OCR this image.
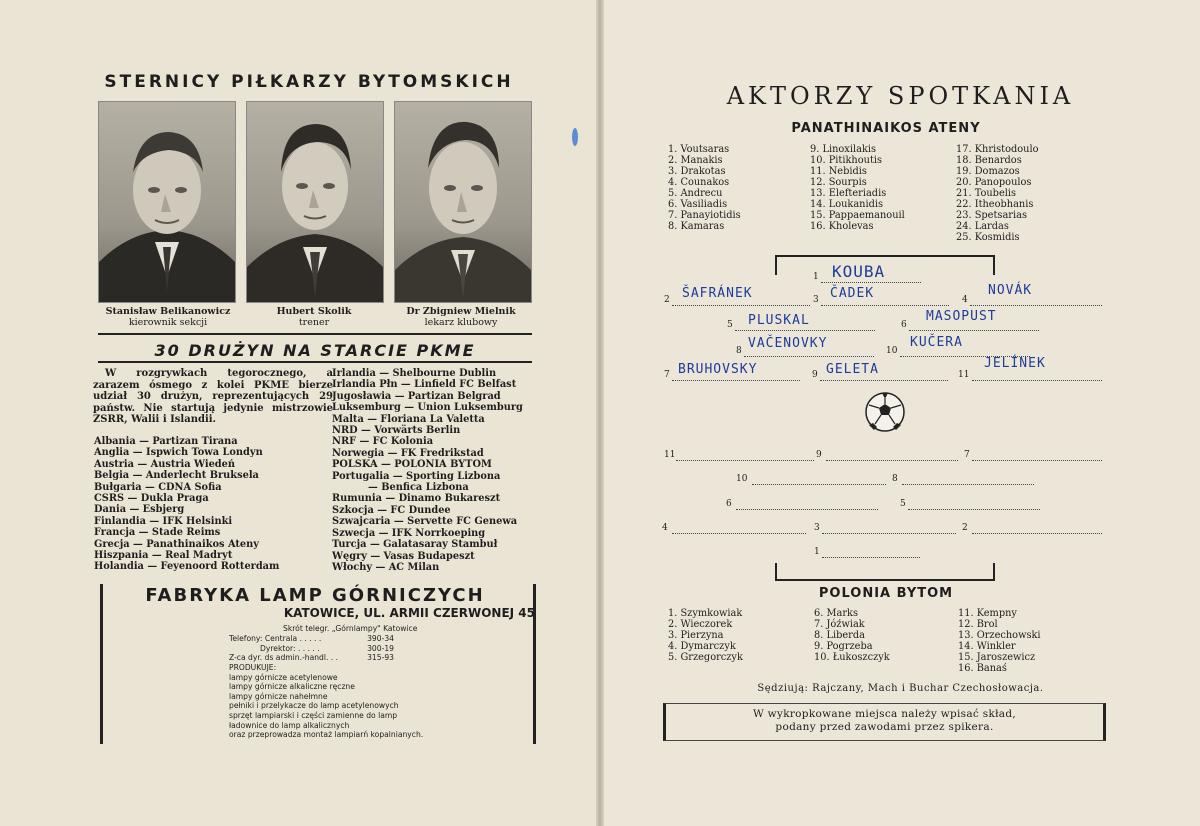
STERNICY PIŁKARZY BYTOMSKICH
Stanisław Belikanowicz
kierownik sekcji
Hubert Skolik
trener
Dr Zbigniew Mielnik
lekarz klubowy
30 DRUŻYN NA STARCIE PKME
W rozgrywkach tegorocznego, a zarazem ósmego z kolei PKME bierze udział 30 drużyn, reprezentujących 29 państw. Nie startują jedynie mistrzowie ZSRR, Walii i Islandii.
Albania — Partizan Tirana
Anglia — Ispwich Towa Londyn
Austria — Austria Wiedeń
Belgia — Anderlecht Bruksela
Bułgaria — CDNA Sofia
CSRS — Dukla Praga
Dania — Esbjerg
Finlandia — IFK Helsinki
Francja — Stade Reims
Grecja — Panathinaikos Ateny
Hiszpania — Real Madryt
Holandia — Feyenoord Rotterdam
Irlandia — Shelbourne Dublin
Irlandia Płn — Linfield FC Belfast
Jugosławia — Partizan Belgrad
Luksemburg — Union Luksemburg
Malta — Floriana La Valetta
NRD — Vorwärts Berlin
NRF — FC Kolonia
Norwegia — FK Fredrikstad
POLSKA — POLONIA BYTOM
Portugalia — Sporting Lizbona
— Benfica Lizbona
Rumunia — Dinamo Bukareszt
Szkocja — FC Dundee
Szwajcaria — Servette FC Genewa
Szwecja — IFK Norrkoeping
Turcja — Galatasaray Stambuł
Węgry — Vasas Budapeszt
Włochy — AC Milan
FABRYKA LAMP GÓRNICZYCH
KATOWICE, UL. ARMII CZERWONEJ 45
Skrót telegr. „Górnlampy" Katowice
Telefony: Centrala . . . . .	390-34
Dyrektor: . . . . .	300-19
Z-ca dyr. ds admin.-handl. . .	315-93
PRODUKUJE:
lampy górnicze acetylenowe
lampy górnicze alkaliczne ręczne
lampy górnicze nahełmne
pełniki i przelykacze do lamp acetylenowych
sprzęt lampiarski i części zamienne do lamp
ładownice do lamp alkalicznych
oraz przeprowadza montaż lampiarń kopalnianych.
AKTORZY SPOTKANIA
PANATHINAIKOS ATENY
1. Voutsaras
2. Manakis
3. Drakotas
4. Counakos
5. Andrecu
6. Vasiliadis
7. Panayiotidis
8. Kamaras
9. Linoxilakis
10. Pitikhoutis
11. Nebidis
12. Sourpis
13. Elefteriadis
14. Loukanidis
15. Pappaemanouil
16. Kholevas
17. Khristodoulo
18. Benardos
19. Domazos
20. Panopoulos
21. Toubelis
22. Itheobhanis
23. Spetsarias
24. Lardas
25. Kosmidis
1 KOUBA
2 ŠAFRÁNEK	3 ČADEK	4
NOVÁK
5 PLUSKAL	6
MASOPUST
8 VAČENOVKY	10
KUČERA
7 BRUHOVSKY	9 GELETA	11
JELÍNEK
11	9	7
10	8
6	5
4	3	2
1
POLONIA BYTOM
1. Szymkowiak
2. Wieczorek
3. Pierzyna
4. Dymarczyk
5. Grzegorczyk
6. Marks
7. Jóźwiak
8. Liberda
9. Pogrzeba
10. Łukoszczyk
11. Kempny
12. Brol
13. Orzechowski
14. Winkler
15. Jaroszewicz
16. Banaś
Sędziują: Rajczany, Mach i Buchar Czechosłowacja.
W wykropkowane miejsca należy wpisać skład,
podany przed zawodami przez spikera.
